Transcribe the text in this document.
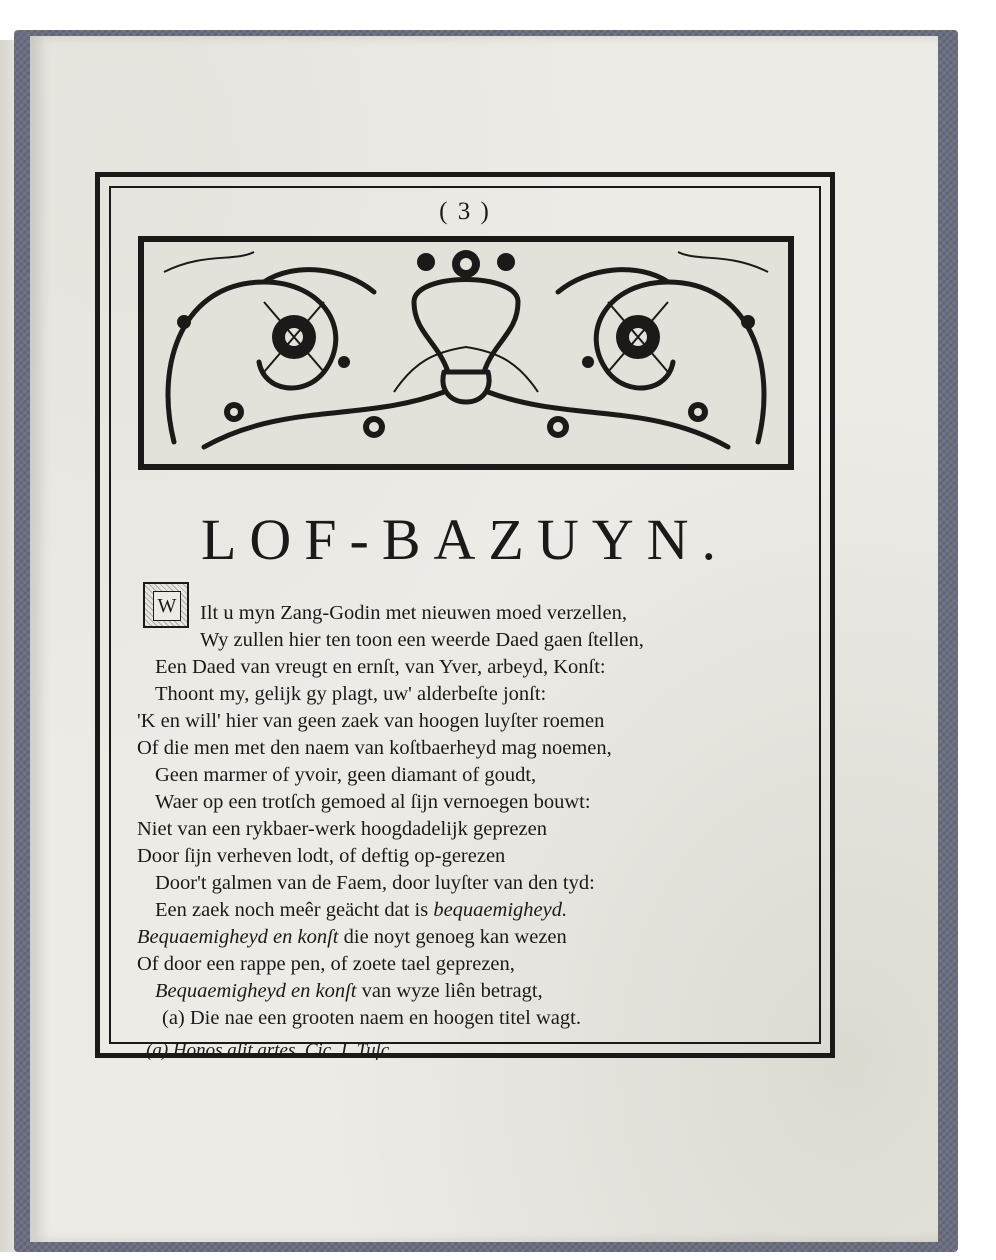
( 3 )
LOF-BAZUYN.
W Ilt u myn Zang-Godin met nieuwen moed verzellen,
Wy zullen hier ten toon een weerde Daed gaen ſtellen,
Een Daed van vreugt en ernſt, van Yver, arbeyd, Konſt:
Thoont my, gelijk gy plagt, uw' alderbeſte jonſt:
'K en will' hier van geen zaek van hoogen luyſter roemen
Of die men met den naem van koſtbaerheyd mag noemen,
Geen marmer of yvoir, geen diamant of goudt,
Waer op een trotſch gemoed al ſijn vernoegen bouwt:
Niet van een rykbaer-werk hoogdadelijk geprezen
Door ſijn verheven lodt, of deftig op-gerezen
Door't galmen van de Faem, door luyſter van den tyd:
Een zaek noch meêr geächt dat is bequaemigheyd.
Bequaemigheyd en konſt die noyt genoeg kan wezen
Of door een rappe pen, of zoete tael geprezen,
Bequaemigheyd en konſt van wyze liên betragt,
(a) Die nae een grooten naem en hoogen titel wagt.
(a) Honos alit artes. Cic. I. Tuſc.
